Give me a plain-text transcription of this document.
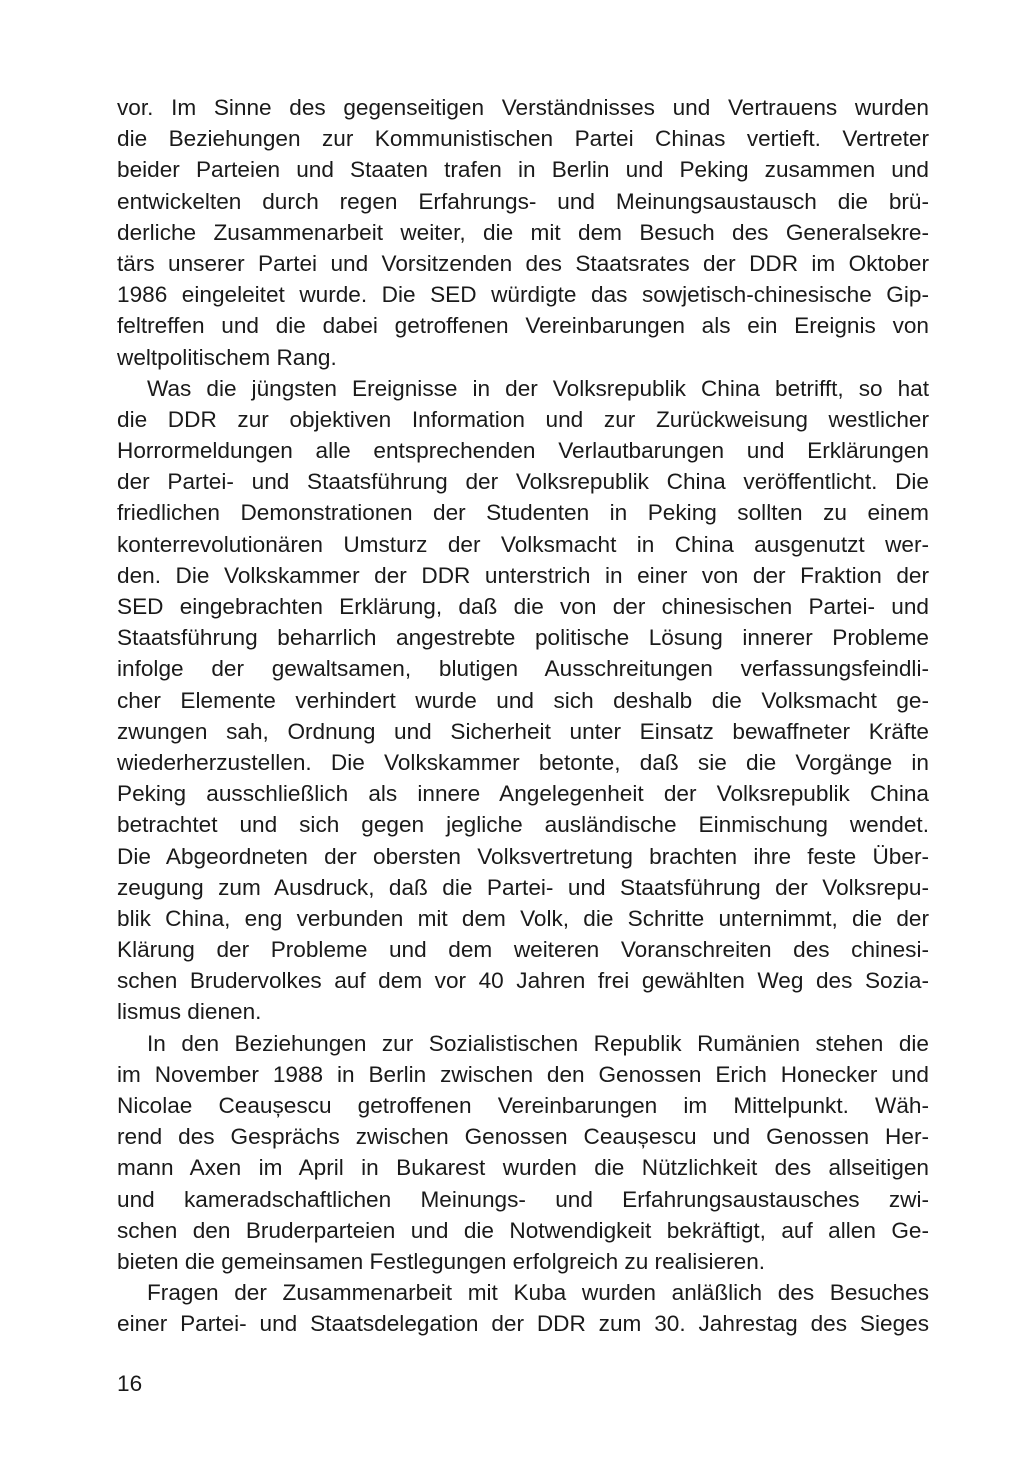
vor. Im Sinne des gegenseitigen Verständnisses und Vertrauens wurden
die Beziehungen zur Kommunistischen Partei Chinas vertieft. Vertreter
beider Parteien und Staaten trafen in Berlin und Peking zusammen und
entwickelten durch regen Erfahrungs- und Meinungsaustausch die brü-
derliche Zusammenarbeit weiter, die mit dem Besuch des Generalsekre-
tärs unserer Partei und Vorsitzenden des Staatsrates der DDR im Oktober
1986 eingeleitet wurde. Die SED würdigte das sowjetisch-chinesische Gip-
feltreffen und die dabei getroffenen Vereinbarungen als ein Ereignis von
weltpolitischem Rang.

Was die jüngsten Ereignisse in der Volksrepublik China betrifft, so hat
die DDR zur objektiven Information und zur Zurückweisung westlicher
Horrormeldungen alle entsprechenden Verlautbarungen und Erklärungen
der Partei- und Staatsführung der Volksrepublik China veröffentlicht. Die
friedlichen Demonstrationen der Studenten in Peking sollten zu einem
konterrevolutionären Umsturz der Volksmacht in China ausgenutzt wer-
den. Die Volkskammer der DDR unterstrich in einer von der Fraktion der
SED eingebrachten Erklärung, daß die von der chinesischen Partei- und
Staatsführung beharrlich angestrebte politische Lösung innerer Probleme
infolge der gewaltsamen, blutigen Ausschreitungen verfassungsfeindli-
cher Elemente verhindert wurde und sich deshalb die Volksmacht ge-
zwungen sah, Ordnung und Sicherheit unter Einsatz bewaffneter Kräfte
wiederherzustellen. Die Volkskammer betonte, daß sie die Vorgänge in
Peking ausschließlich als innere Angelegenheit der Volksrepublik China
betrachtet und sich gegen jegliche ausländische Einmischung wendet.
Die Abgeordneten der obersten Volksvertretung brachten ihre feste Über-
zeugung zum Ausdruck, daß die Partei- und Staatsführung der Volksrepu-
blik China, eng verbunden mit dem Volk, die Schritte unternimmt, die der
Klärung der Probleme und dem weiteren Voranschreiten des chinesi-
schen Brudervolkes auf dem vor 40 Jahren frei gewählten Weg des Sozia-
lismus dienen.

In den Beziehungen zur Sozialistischen Republik Rumänien stehen die
im November 1988 in Berlin zwischen den Genossen Erich Honecker und
Nicolae Ceaușescu getroffenen Vereinbarungen im Mittelpunkt. Wäh-
rend des Gesprächs zwischen Genossen Ceaușescu und Genossen Her-
mann Axen im April in Bukarest wurden die Nützlichkeit des allseitigen
und kameradschaftlichen Meinungs- und Erfahrungsaustausches zwi-
schen den Bruderparteien und die Notwendigkeit bekräftigt, auf allen Ge-
bieten die gemeinsamen Festlegungen erfolgreich zu realisieren.

Fragen der Zusammenarbeit mit Kuba wurden anläßlich des Besuches
einer Partei- und Staatsdelegation der DDR zum 30. Jahrestag des Sieges

16
